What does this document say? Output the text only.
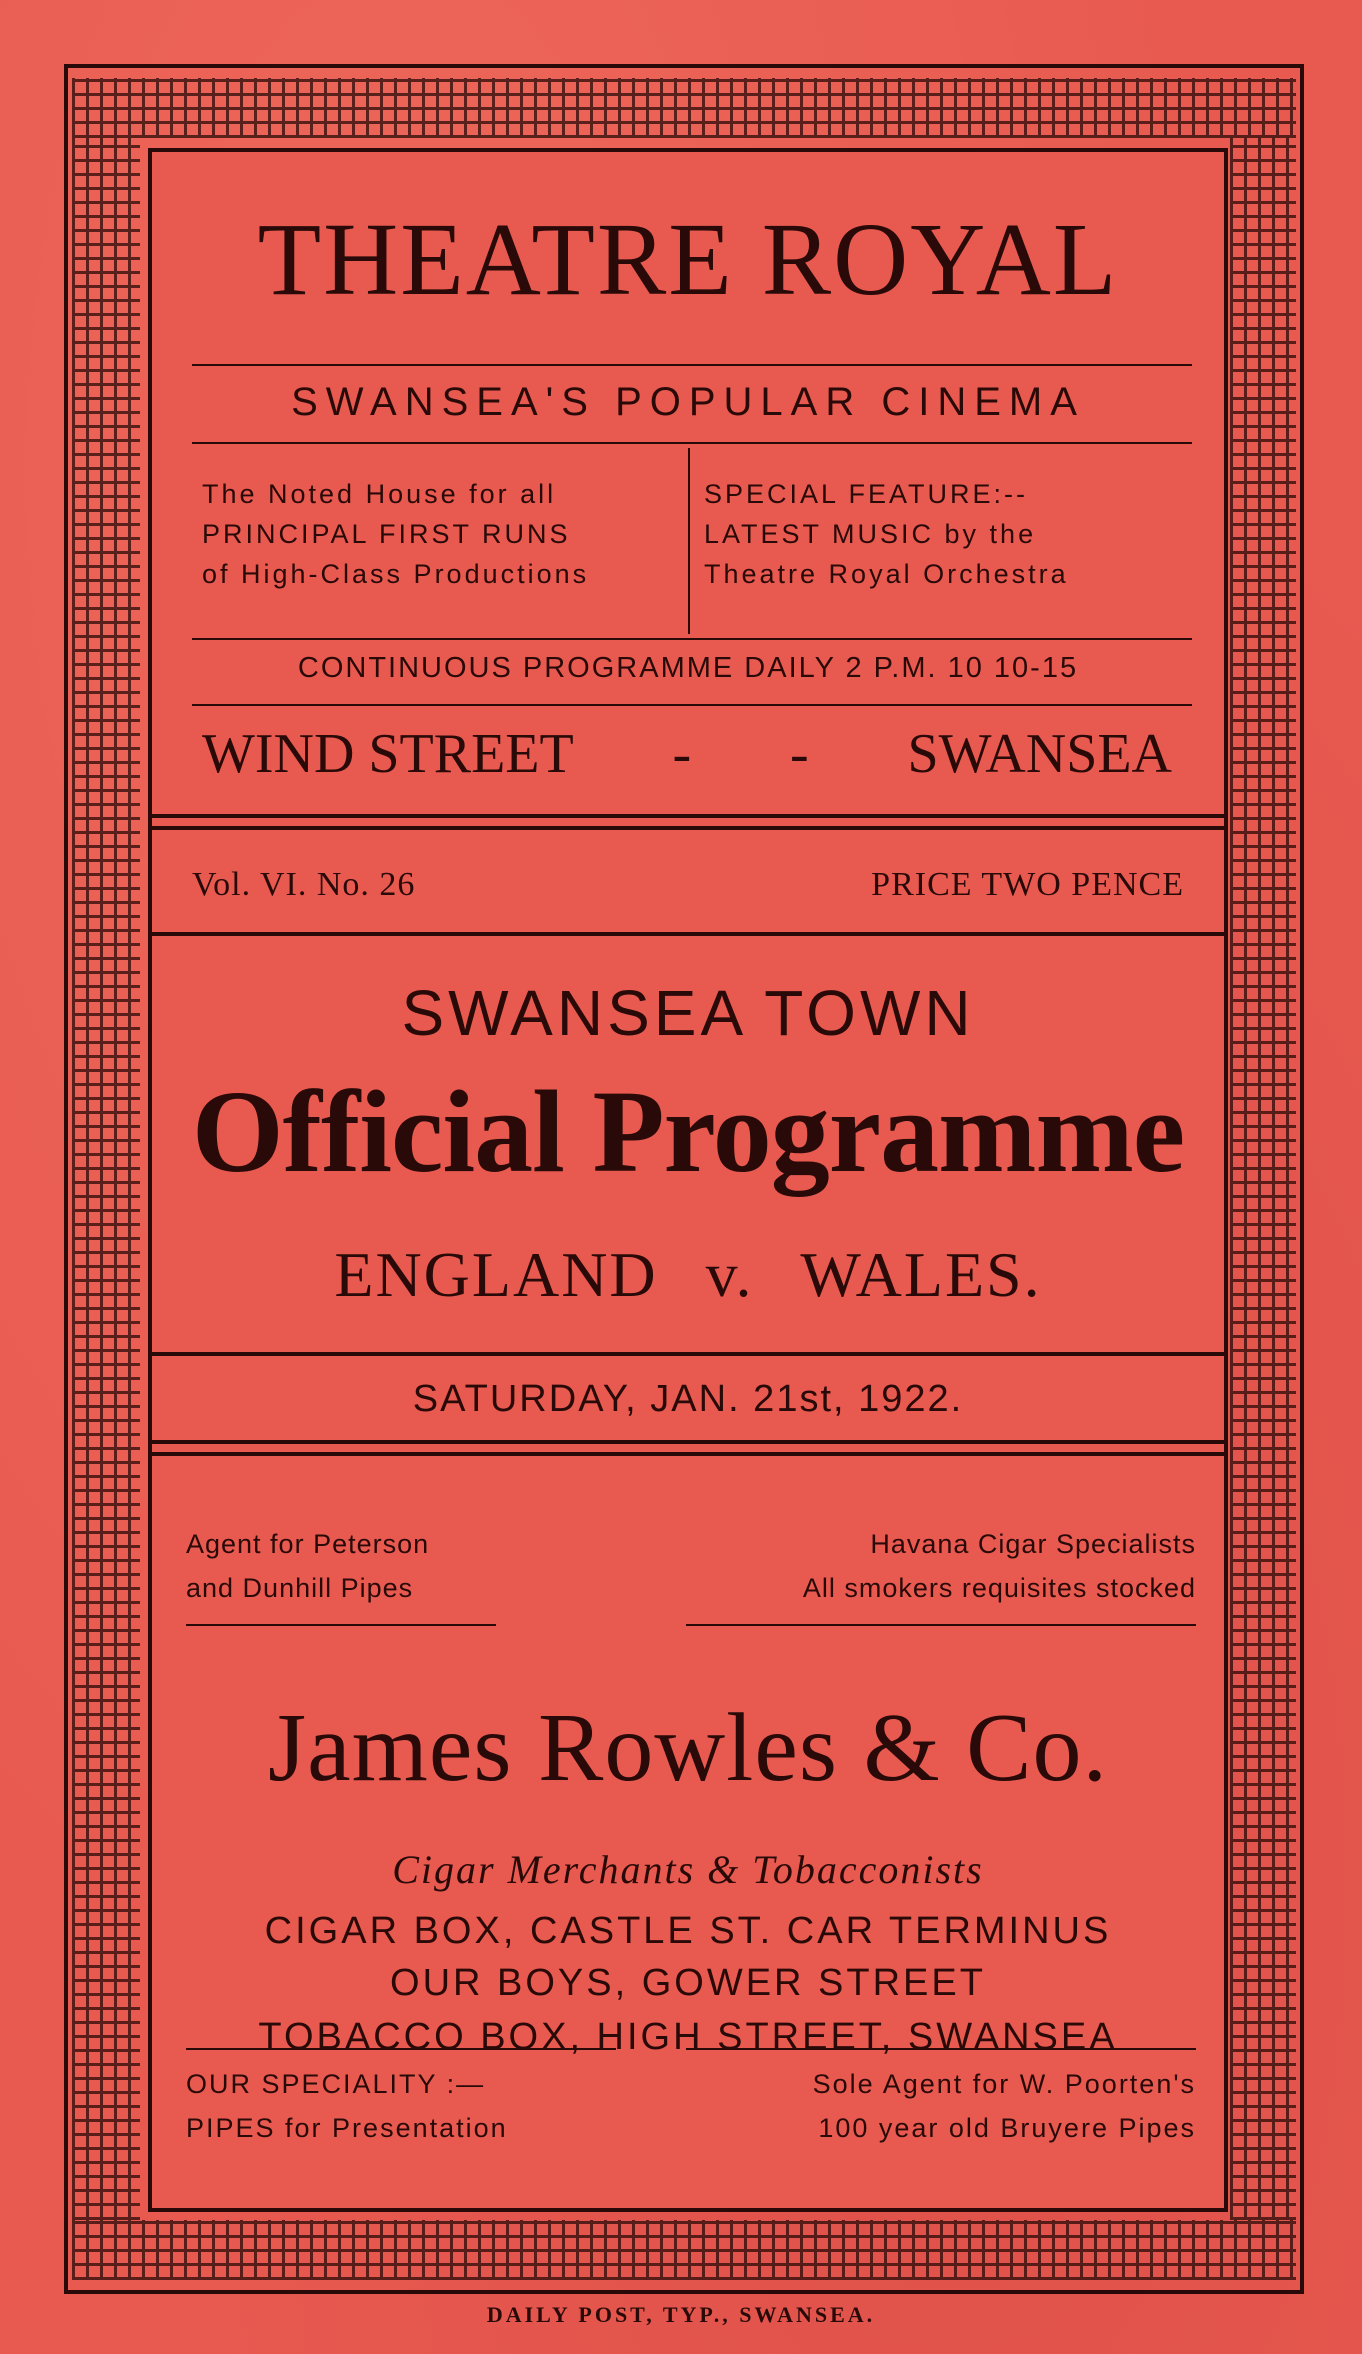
THEATRE ROYAL
SWANSEA'S POPULAR CINEMA
The Noted House for all
PRINCIPAL FIRST RUNS
of High-Class Productions
SPECIAL FEATURE:--
LATEST MUSIC by the
Theatre Royal Orchestra
CONTINUOUS PROGRAMME DAILY 2 P.M. 10 10-15
WIND STREET - - SWANSEA
Vol. VI. No. 26	PRICE TWO PENCE
SWANSEA TOWN
Official Programme
ENGLAND v. WALES.
SATURDAY, JAN. 21st, 1922.
Agent for Peterson
and Dunhill Pipes
Havana Cigar Specialists
All smokers requisites stocked
James Rowles & Co.
Cigar Merchants & Tobacconists
CIGAR BOX, CASTLE ST. CAR TERMINUS
OUR BOYS, GOWER STREET
TOBACCO BOX, HIGH STREET, SWANSEA
OUR SPECIALITY :—
PIPES for Presentation
Sole Agent for W. Poorten's
100 year old Bruyere Pipes
DAILY POST, TYP., SWANSEA.
